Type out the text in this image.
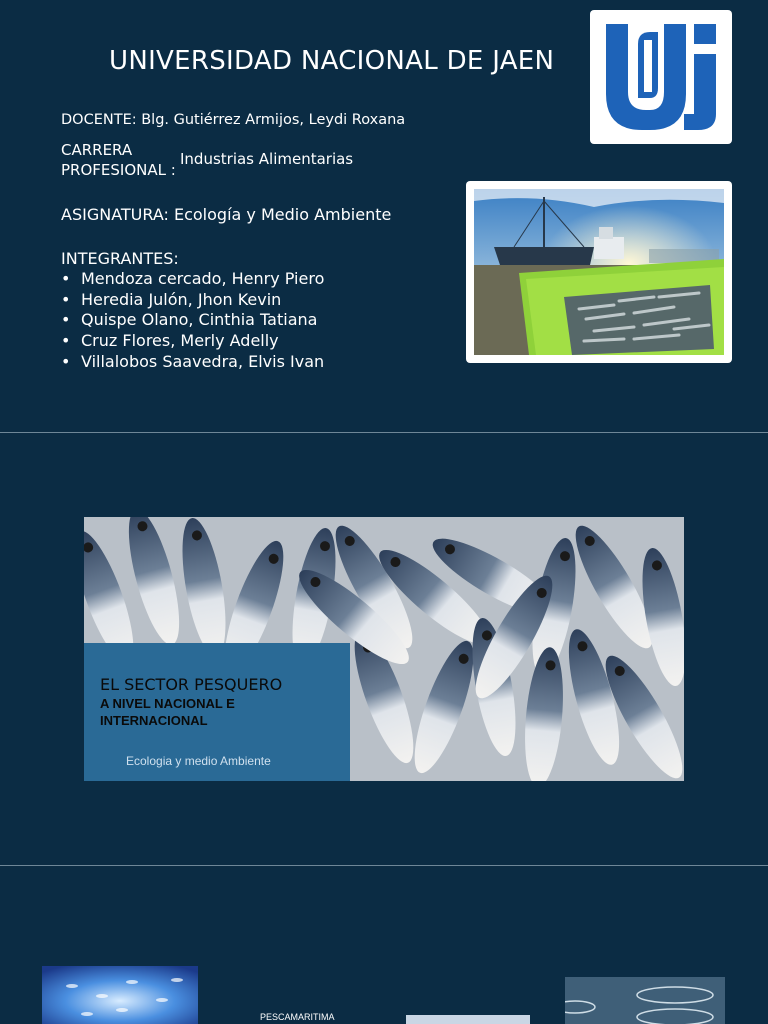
UNIVERSIDAD NACIONAL DE JAEN
DOCENTE: Blg. Gutiérrez Armijos, Leydi Roxana
CARRERA PROFESIONAL :
Industrias Alimentarias
ASIGNATURA: Ecología y Medio Ambiente
INTEGRANTES:
• Mendoza cercado, Henry Piero
• Heredia Julón, Jhon Kevin
• Quispe Olano, Cinthia Tatiana
• Cruz Flores, Merly Adelly
• Villalobos Saavedra, Elvis Ivan
EL SECTOR PESQUERO
A NIVEL NACIONAL E INTERNACIONAL
Ecologia y medio Ambiente
PESCAMARITIMA
